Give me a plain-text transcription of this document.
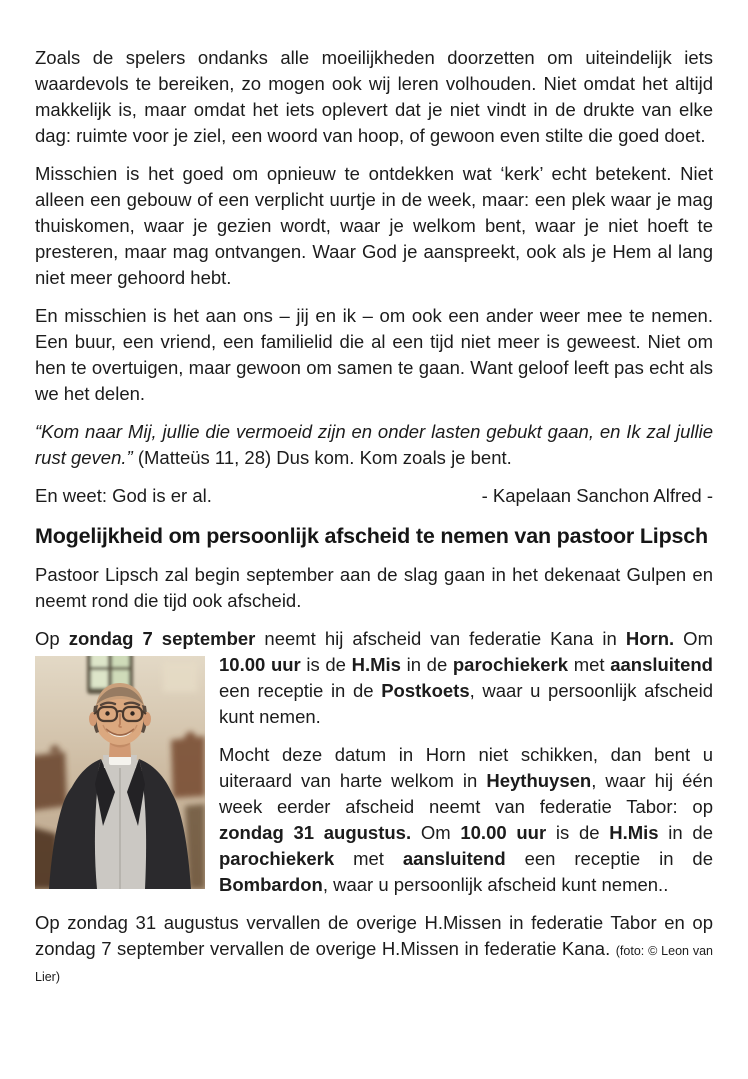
Zoals de spelers ondanks alle moeilijkheden doorzetten om uiteindelijk iets waardevols te bereiken, zo mogen ook wij leren volhouden. Niet omdat het altijd makkelijk is, maar omdat het iets oplevert dat je niet vindt in de drukte van elke dag: ruimte voor je ziel, een woord van hoop, of gewoon even stilte die goed doet.

Misschien is het goed om opnieuw te ontdekken wat ‘kerk’ echt betekent. Niet alleen een gebouw of een verplicht uurtje in de week, maar: een plek waar je mag thuiskomen, waar je gezien wordt, waar je welkom bent, waar je niet hoeft te presteren, maar mag ontvangen. Waar God je aanspreekt, ook als je Hem al lang niet meer gehoord hebt.

En misschien is het aan ons – jij en ik – om ook een ander weer mee te nemen. Een buur, een vriend, een familielid die al een tijd niet meer is geweest. Niet om hen te overtuigen, maar gewoon om samen te gaan. Want geloof leeft pas echt als we het delen.

“Kom naar Mij, jullie die vermoeid zijn en onder lasten gebukt gaan, en Ik zal jullie rust geven.” (Matteüs 11, 28) Dus kom. Kom zoals je bent.

En weet: God is er al.	- Kapelaan Sanchon Alfred -
Mogelijkheid om persoonlijk afscheid te nemen van pastoor Lipsch

Pastoor Lipsch zal begin september aan de slag gaan in het dekenaat Gulpen en neemt rond die tijd ook afscheid.

Op zondag 7 september neemt hij afscheid van federatie Kana in Horn. Om 10.00
uur is de H.Mis in de parochiekerk met aansluitend een receptie in de Postkoets, waar u persoonlijk afscheid kunt nemen.

Mocht deze datum in Horn niet schikken, dan bent u uiteraard van harte welkom in Heythuysen, waar hij één week eerder afscheid neemt van federatie Tabor: op zondag 31 augustus. Om 10.00 uur is de H.Mis in de parochiekerk met aansluitend een receptie in de Bombardon, waar u persoonlijk afscheid kunt nemen..

Op zondag 31 augustus vervallen de overige H.Missen in federatie Tabor en op zondag 7 september vervallen de overige H.Missen in federatie Kana. (foto: © Leon van Lier)
